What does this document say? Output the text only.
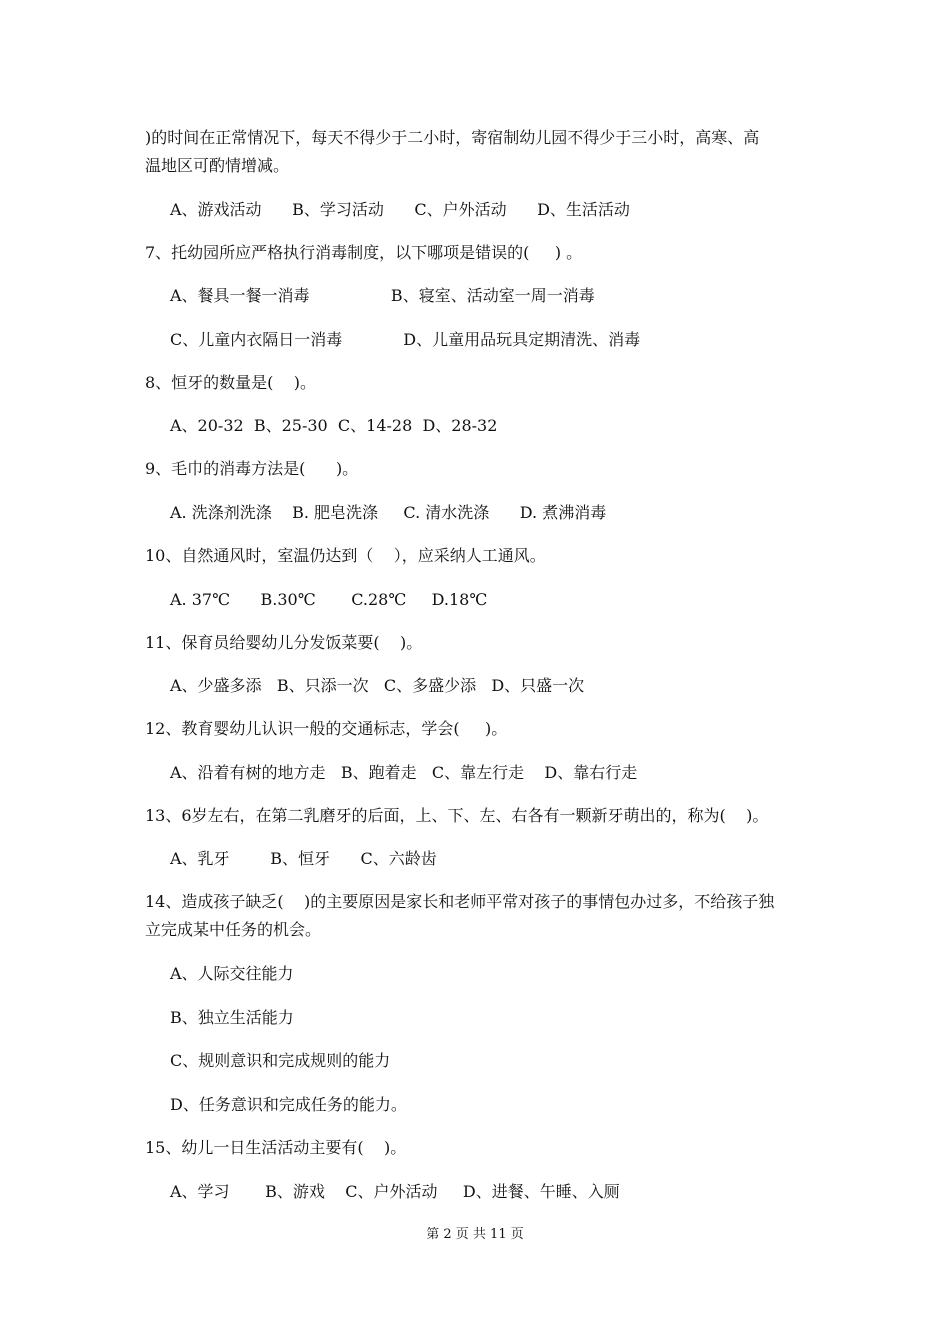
)的时间在正常情况下，每天不得少于二小时，寄宿制幼儿园不得少于三小时，高寒、高
温地区可酌情增减。
A、游戏活动      B、学习活动      C、户外活动      D、生活活动
7、托幼园所应严格执行消毒制度，以下哪项是错误的(     ) 。
A、餐具一餐一消毒                B、寝室、活动室一周一消毒
C、儿童内衣隔日一消毒            D、儿童用品玩具定期清洗、消毒
8、恒牙的数量是(    )。
A、20-32  B、25-30  C、14-28  D、28-32
9、毛巾的消毒方法是(      )。
A. 洗涤剂洗涤    B. 肥皂洗涤     C. 清水洗涤      D. 煮沸消毒
10、自然通风时，室温仍达到（    ），应采纳人工通风。
A. 37℃      B.30℃       C.28℃     D.18℃
11、保育员给婴幼儿分发饭菜要(    )。
A、少盛多添   B、只添一次   C、多盛少添   D、只盛一次
12、教育婴幼儿认识一般的交通标志，学会(     )。
A、沿着有树的地方走   B、跑着走   C、靠左行走    D、靠右行走
13、6岁左右，在第二乳磨牙的后面，上、下、左、右各有一颗新牙萌出的，称为(    )。
A、乳牙        B、恒牙      C、六龄齿
14、造成孩子缺乏(    )的主要原因是家长和老师平常对孩子的事情包办过多，不给孩子独
立完成某中任务的机会。
A、人际交往能力
B、独立生活能力
C、规则意识和完成规则的能力
D、任务意识和完成任务的能力。
15、幼儿一日生活活动主要有(    )。
A、学习       B、游戏    C、户外活动     D、进餐、午睡、入厕
第 2 页 共 11 页
